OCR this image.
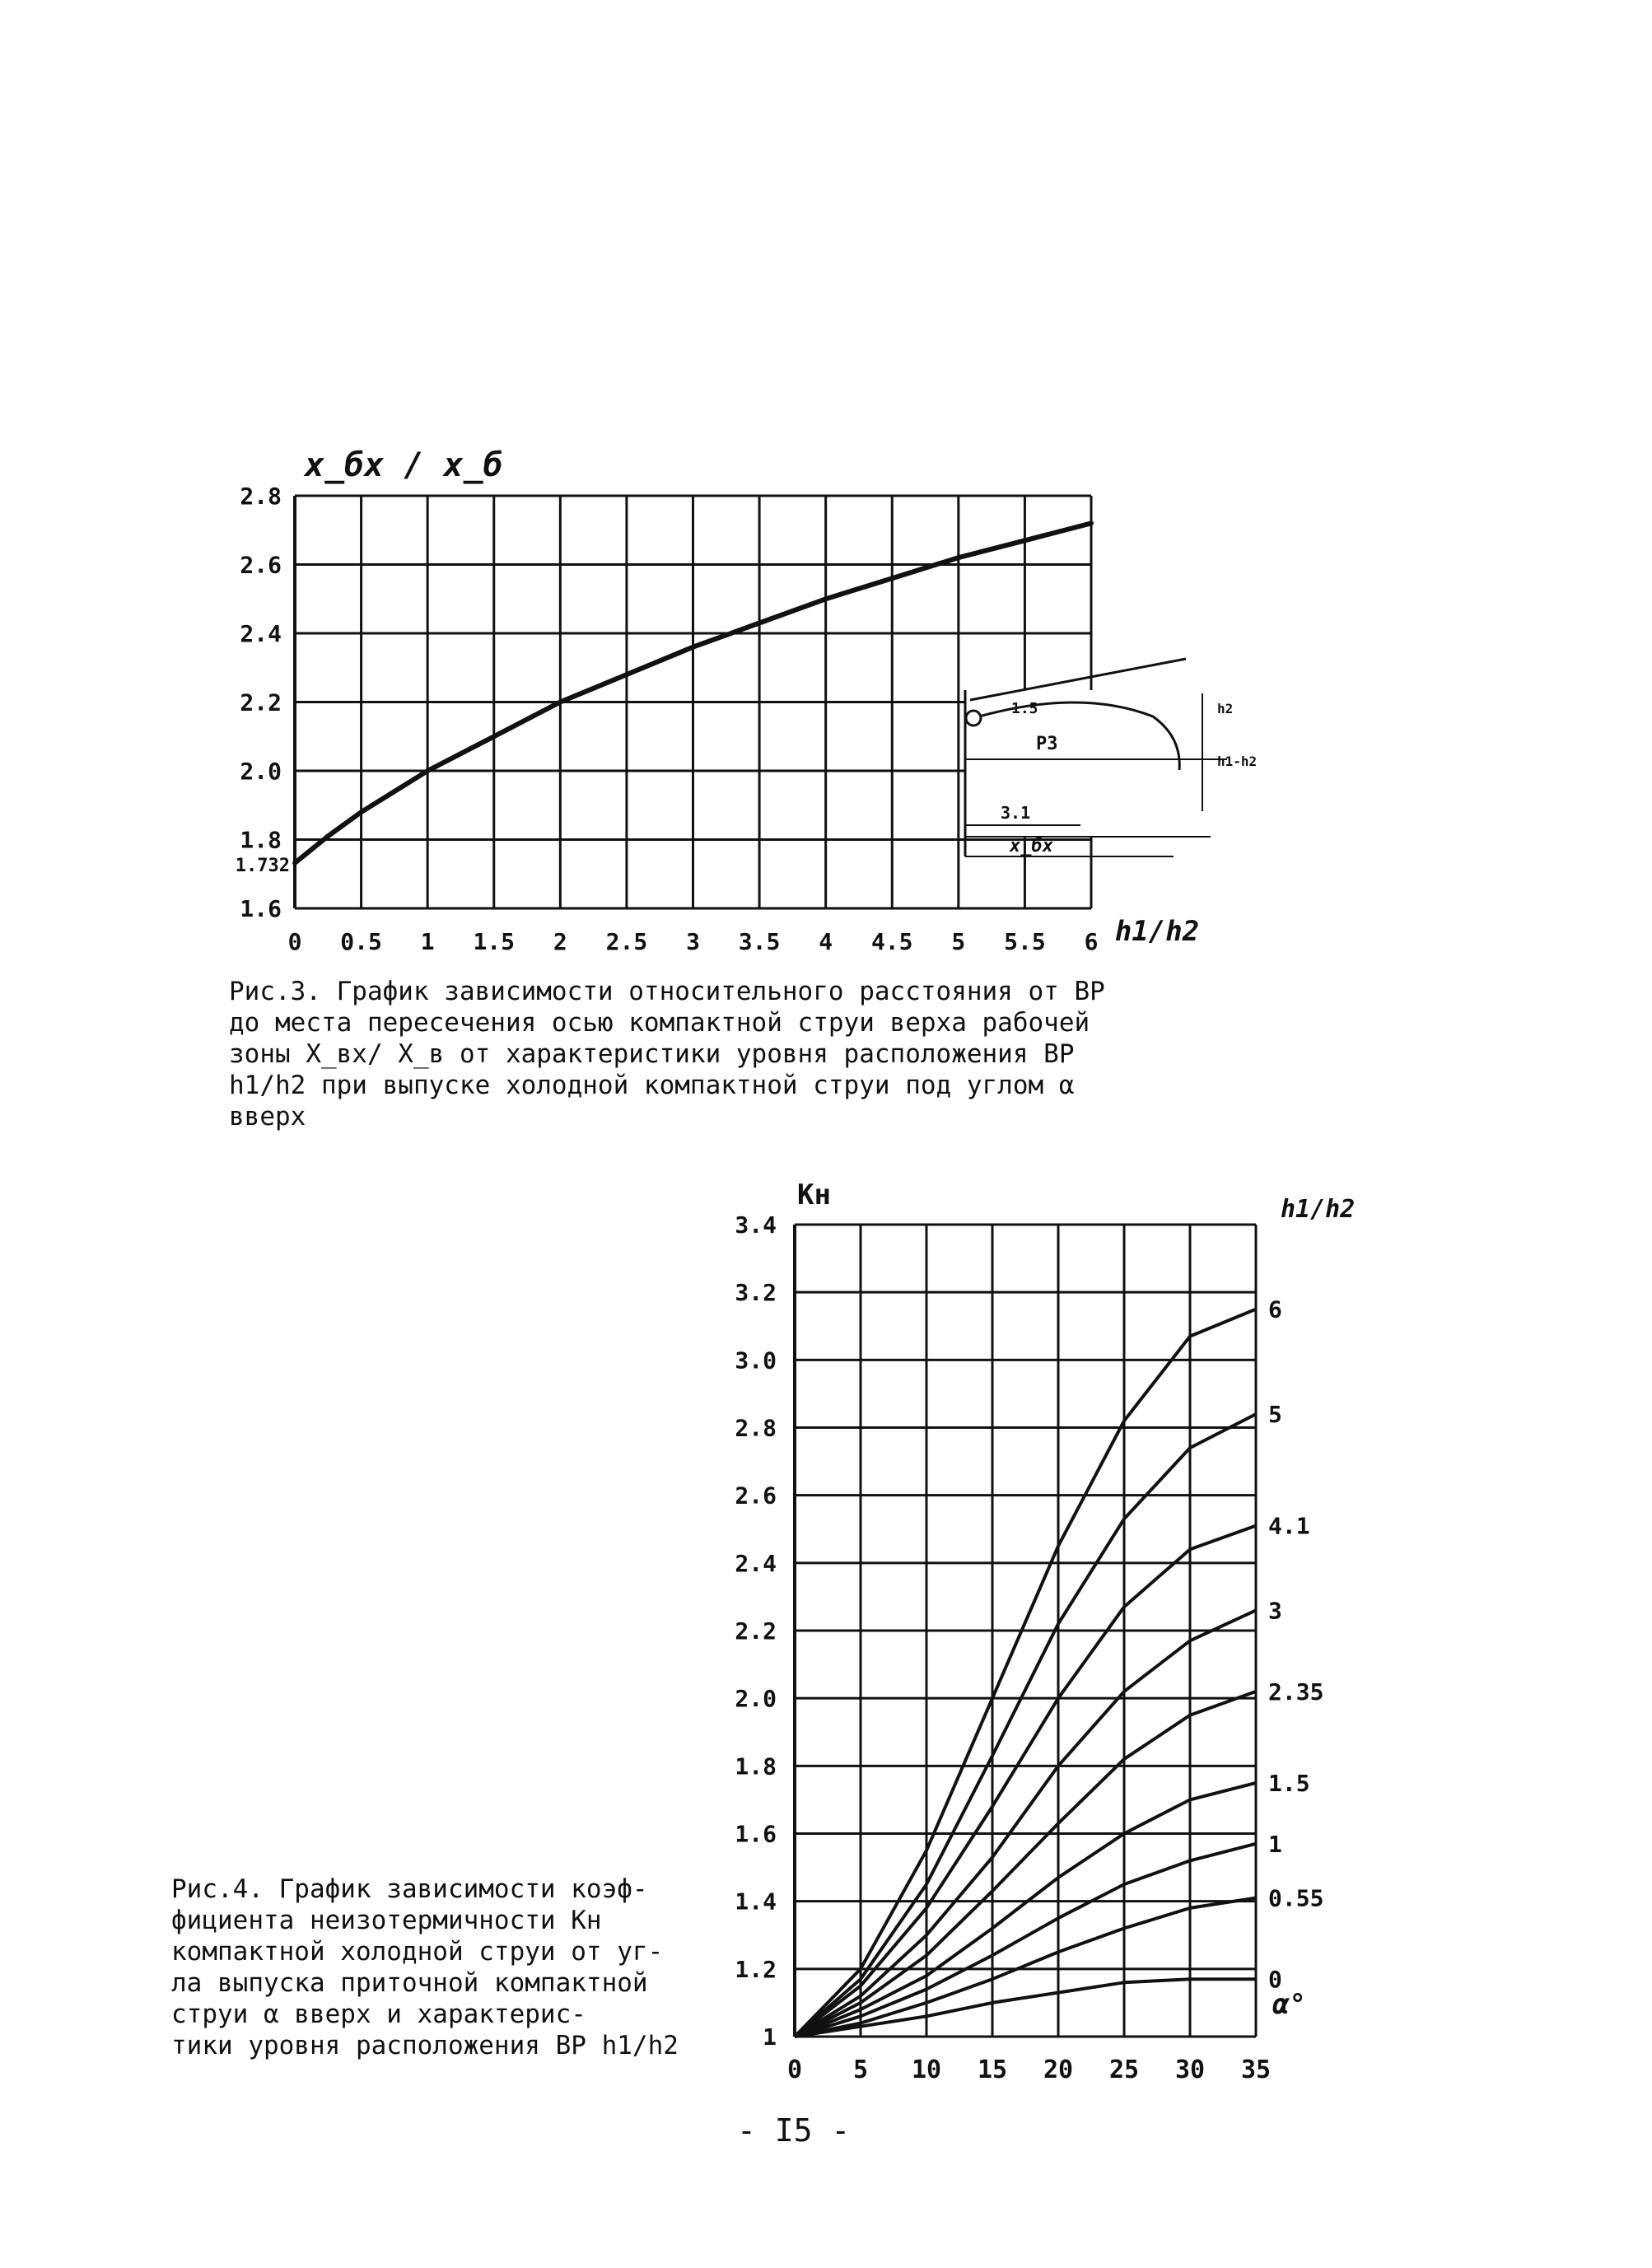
0 0.5 1 1.5 2 2.5 3 3.5 4 4.5 5 5.5 6
1.6
1.8
2.0
2.2
2.4
2.6
2.8
1.732
x_бх / x_б
h1/h2
1.5
P3
3.1
x_бх
h2
h1-h2
0 5 10 15 20 25 30 35
1
1.2
1.4
1.6
1.8
2.0
2.2
2.4
2.6
2.8
3.0
3.2
3.4
Kн	h1/h2
α°
6
5
4.1
3
2.35
1.5
1
0.55
0
Рис.3. График зависимости относительного расстояния от ВР
до места пересечения осью компактной струи верха рабочей
зоны Х_вх/ Х_в от характеристики уровня расположения ВР
h1/h2 при выпуске холодной компактной струи под углом α
вверх
Рис.4. График зависимости коэф-
фициента неизотермичности Kн
компактной холодной струи от уг-
ла выпуска приточной компактной
струи α вверх и характерис-
тики уровня расположения ВР h1/h2
- I5 -
